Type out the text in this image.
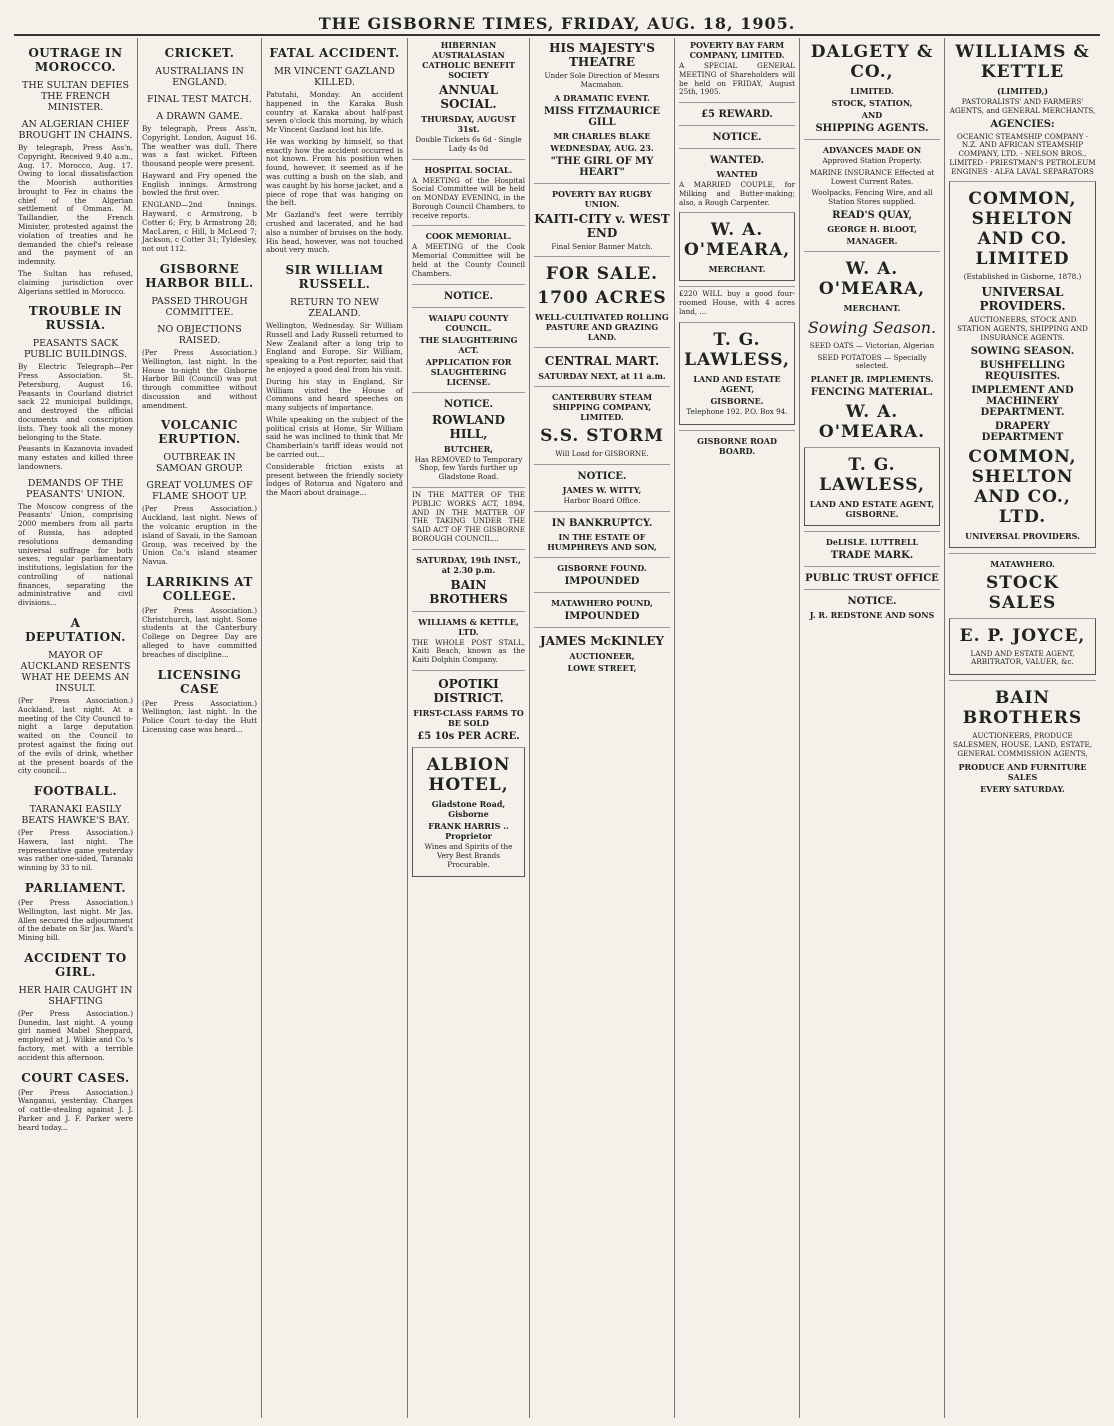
THE GISBORNE TIMES, FRIDAY, AUG. 18, 1905.
OUTRAGE IN MOROCCO.
THE SULTAN DEFIES THE FRENCH MINISTER.
AN ALGERIAN CHIEF BROUGHT IN CHAINS.

By telegraph, Press Ass'n, Copyright. Received 9.40 a.m., Aug. 17. Morocco, Aug. 17. Owing to local dissatisfaction the Moorish authorities brought to Fez in chains the chief of the Algerian settlement of Omman. M. Taillandier, the French Minister, protested against the violation of treaties and he demanded the chief's release and the payment of an indemnity.

The Sultan has refused, claiming jurisdiction over Algerians settled in Morocco.

TROUBLE IN RUSSIA.
PEASANTS SACK PUBLIC BUILDINGS.

By Electric Telegraph—Per Press Association. St. Petersburg, August 16. Peasants in Courland district sack 22 municipal buildings, and destroyed the official documents and conscription lists. They took all the money belonging to the State.

Peasants in Kazanovia invaded many estates and killed three landowners.

DEMANDS OF THE PEASANTS' UNION.

The Moscow congress of the Peasants' Union, comprising 2000 members from all parts of Russia, has adopted resolutions demanding universal suffrage for both sexes, regular parliamentary institutions, legislation for the controlling of national finances, separating the administrative and civil divisions...

A DEPUTATION.
MAYOR OF AUCKLAND RESENTS WHAT HE DEEMS AN INSULT.

(Per Press Association.) Auckland, last night. At a meeting of the City Council to-night a large deputation waited on the Council to protest against the fixing out of the evils of drink, whether at the present boards of the city council...

FOOTBALL.
TARANAKI EASILY BEATS HAWKE'S BAY.

(Per Press Association.) Hawera, last night. The representative game yesterday was rather one-sided, Taranaki winning by 33 to nil.

PARLIAMENT.

(Per Press Association.) Wellington, last night. Mr Jas. Allen secured the adjournment of the debate on Sir Jas. Ward's Mining bill.

ACCIDENT TO GIRL.
HER HAIR CAUGHT IN SHAFTING

(Per Press Association.) Dunedin, last night. A young girl named Mabel Sheppard, employed at J. Wilkie and Co.'s factory, met with a terrible accident this afternoon.

COURT CASES.

(Per Press Association.) Wanganui, yesterday. Charges of cattle-stealing against J. J. Parker and J. F. Parker were heard today...

CRICKET.
AUSTRALIANS IN ENGLAND.
FINAL TEST MATCH.
A DRAWN GAME.

By telegraph, Press Ass'n, Copyright. London, August 16. The weather was dull. There was a fast wicket. Fifteen thousand people were present.

Hayward and Fry opened the English innings. Armstrong bowled the first over.

ENGLAND—2nd Innings. Hayward, c Armstrong, b Cotter 6; Fry, b Armstrong 28; MacLaren, c Hill, b McLeod 7; Jackson, c Cotter 31; Tyldesley, not out 112.

GISBORNE HARBOR BILL.
PASSED THROUGH COMMITTEE.
NO OBJECTIONS RAISED.

(Per Press Association.) Wellington, last night. In the House to-night the Gisborne Harbor Bill (Council) was put through committee without discussion and without amendment.

VOLCANIC ERUPTION.
OUTBREAK IN SAMOAN GROUP.
GREAT VOLUMES OF FLAME SHOOT UP.

(Per Press Association.) Auckland, last night. News of the volcanic eruption in the island of Savaii, in the Samoan Group, was received by the Union Co.'s island steamer Navua.

LARRIKINS AT COLLEGE.

(Per Press Association.) Christchurch, last night. Some students at the Canterbury College on Degree Day are alleged to have committed breaches of discipline...

LICENSING CASE

(Per Press Association.) Wellington, last night. In the Police Court to-day the Hutt Licensing case was heard...

FATAL ACCIDENT.
MR VINCENT GAZLAND KILLED.

Patutahi, Monday. An accident happened in the Karaka Bush country at Karaka about half-past seven o'clock this morning, by which Mr Vincent Gazland lost his life.

He was working by himself, so that exactly how the accident occurred is not known. From his position when found, however, it seemed as if he was cutting a bush on the slab, and was caught by his horse jacket, and a piece of rope that was hanging on the belt.

Mr Gazland's feet were terribly crushed and lacerated, and he had also a number of bruises on the body. His head, however, was not touched about very much.

SIR WILLIAM RUSSELL.
RETURN TO NEW ZEALAND.

Wellington, Wednesday. Sir William Russell and Lady Russell returned to New Zealand after a long trip to England and Europe. Sir William, speaking to a Post reporter, said that he enjoyed a good deal from his visit.

During his stay in England, Sir William visited the House of Commons and heard speeches on many subjects of importance.

While speaking on the subject of the political crisis at Home, Sir William said he was inclined to think that Mr Chamberlain's tariff ideas would not be carried out...

Considerable friction exists at present between the friendly society lodges of Rotorua and Ngatoro and the Maori about drainage...

HIBERNIAN AUSTRALASIAN CATHOLIC BENEFIT SOCIETY
ANNUAL SOCIAL.
THURSDAY, AUGUST 31st.

Double Tickets 6s 6d · Single Lady 4s 0d

HOSPITAL SOCIAL.

A MEETING of the Hospital Social Committee will be held on MONDAY EVENING, in the Borough Council Chambers, to receive reports.

COOK MEMORIAL.

A MEETING of the Cook Memorial Committee will be held at the County Council Chambers.

NOTICE.
WAIAPU COUNTY COUNCIL.
THE SLAUGHTERING ACT.
APPLICATION FOR SLAUGHTERING LICENSE.
NOTICE.
ROWLAND HILL,
BUTCHER,

Has REMOVED to Temporary Shop, few Yards further up Gladstone Road.

IN THE MATTER OF THE PUBLIC WORKS ACT, 1894, AND IN THE MATTER OF THE TAKING UNDER THE SAID ACT OF THE GISBORNE BOROUGH COUNCIL...

SATURDAY, 19th INST., at 2.30 p.m.
BAIN BROTHERS
WILLIAMS & KETTLE, LTD.

THE WHOLE POST STALL, Kaiti Beach, known as the Kaiti Dolphin Company.

OPOTIKI DISTRICT.
FIRST-CLASS FARMS TO BE SOLD
£5 10s PER ACRE.
ALBION HOTEL,
Gladstone Road, Gisborne
FRANK HARRIS .. Proprietor

Wines and Spirits of the Very Best Brands Procurable.

HIS MAJESTY'S THEATRE

Under Sole Direction of Messrs Macmahon.

A DRAMATIC EVENT.
MISS FITZMAURICE GILL
MR CHARLES BLAKE
WEDNESDAY, AUG. 23.
"THE GIRL OF MY HEART"
POVERTY BAY RUGBY UNION.
KAITI-CITY v. WEST END

Final Senior Banner Match.

FOR SALE.
1700 ACRES
WELL-CULTIVATED ROLLING PASTURE AND GRAZING LAND.
CENTRAL MART.
SATURDAY NEXT, at 11 a.m.
CANTERBURY STEAM SHIPPING COMPANY, LIMITED.
S.S. STORM

Will Load for GISBORNE.

NOTICE.
JAMES W. WITTY,

Harbor Board Office.

IN BANKRUPTCY.
IN THE ESTATE OF HUMPHREYS AND SON,
GISBORNE FOUND.
IMPOUNDED
MATAWHERO POUND,
IMPOUNDED
JAMES McKINLEY
AUCTIONEER,
LOWE STREET,
POVERTY BAY FARM COMPANY, LIMITED.

A SPECIAL GENERAL MEETING of Shareholders will be held on FRIDAY, August 25th, 1905.

£5 REWARD.
NOTICE.
WANTED.
WANTED

A MARRIED COUPLE, for Milking and Butter-making; also, a Rough Carpenter.

W. A. O'MEARA,
MERCHANT.

£220 WILL buy a good four-roomed House, with 4 acres land, ...

T. G. LAWLESS,
LAND AND ESTATE AGENT,
GISBORNE.

Telephone 192. P.O. Box 94.

GISBORNE ROAD BOARD.
DALGETY & CO.,
LIMITED.
STOCK, STATION,
AND
SHIPPING AGENTS.
ADVANCES MADE ON

Approved Station Property.

MARINE INSURANCE Effected at Lowest Current Rates.

Woolpacks, Fencing Wire, and all Station Stores supplied.

READ'S QUAY,
GEORGE H. BLOOT,
MANAGER.
W. A. O'MEARA,
MERCHANT.
Sowing Season.

SEED OATS — Victorian, Algerian

SEED POTATOES — Specially selected.

PLANET JR. IMPLEMENTS.
FENCING MATERIAL.
W. A. O'MEARA.
T. G. LAWLESS,
LAND AND ESTATE AGENT, GISBORNE.
DeLISLE. LUTTRELL
TRADE MARK.
PUBLIC TRUST OFFICE
NOTICE.
J. R. REDSTONE AND SONS
WILLIAMS & KETTLE
(LIMITED,)

PASTORALISTS' AND FARMERS' AGENTS, and GENERAL MERCHANTS,

AGENCIES:

OCEANIC STEAMSHIP COMPANY · N.Z. AND AFRICAN STEAMSHIP COMPANY, LTD. · NELSON BROS., LIMITED · PRIESTMAN'S PETROLEUM ENGINES · ALFA LAVAL SEPARATORS

COMMON, SHELTON AND CO. LIMITED

(Established in Gisborne, 1878.)

UNIVERSAL PROVIDERS.

AUCTIONEERS, STOCK AND STATION AGENTS, SHIPPING AND INSURANCE AGENTS.

SOWING SEASON.
BUSHFELLING REQUISITES.
IMPLEMENT AND MACHINERY DEPARTMENT.
DRAPERY DEPARTMENT
COMMON, SHELTON AND CO., LTD.
UNIVERSAL PROVIDERS.
MATAWHERO.
STOCK SALES
E. P. JOYCE,

LAND AND ESTATE AGENT, ARBITRATOR, VALUER, &c.

BAIN BROTHERS

AUCTIONEERS, PRODUCE SALESMEN, HOUSE, LAND, ESTATE, GENERAL COMMISSION AGENTS,

PRODUCE AND FURNITURE SALES
EVERY SATURDAY.
